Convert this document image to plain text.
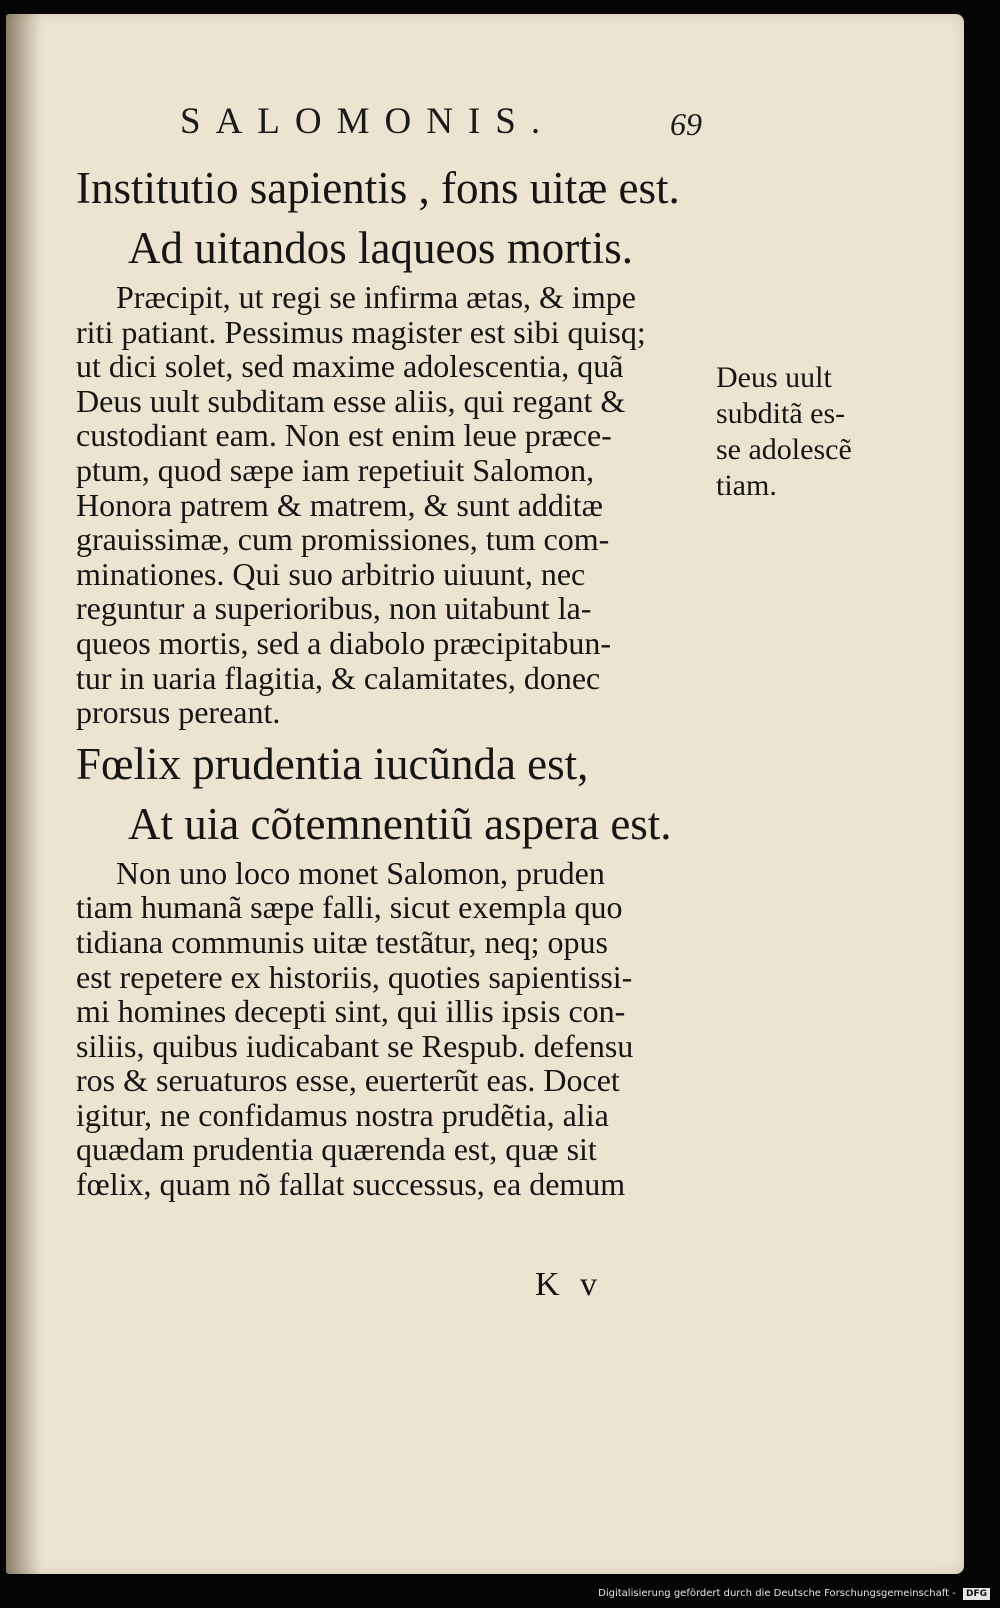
SALOMONIS.	69

Institutio sapientis , fons uitæ est.

Ad uitandos laqueos mortis.

Præcipit, ut regi se infirma ætas, & impe

riti patiant. Pessimus magister est sibi quisq;

ut dici solet, sed maxime adolescentia, quã

Deus uult subditam esse aliis, qui regant &

custodiant eam. Non est enim leue præce-

ptum, quod sæpe iam repetiuit Salomon,

Honora patrem & matrem, & sunt additæ

grauissimæ, cum promissiones, tum com-

minationes. Qui suo arbitrio uiuunt, nec

reguntur a superioribus, non uitabunt la-

queos mortis, sed a diabolo præcipitabun-

tur in uaria flagitia, & calamitates, donec

prorsus pereant.

Fœlix prudentia iucũnda est,

At uia cõtemnentiũ aspera est.

Non uno loco monet Salomon, pruden

tiam humanã sæpe falli, sicut exempla quo

tidiana communis uitæ testãtur, neq; opus

est repetere ex historiis, quoties sapientissi-

mi homines decepti sint, qui illis ipsis con-

siliis, quibus iudicabant se Respub. defensu

ros & seruaturos esse, euerterũt eas. Docet

igitur, ne confidamus nostra prudẽtia, alia

quædam prudentia quærenda est, quæ sit

fœlix, quam nõ fallat successus, ea demum

Deus uult

subditã es-

se adolescẽ

tiam.

K v
Digitalisierung gefördert durch die Deutsche Forschungsgemeinschaft - DFG
